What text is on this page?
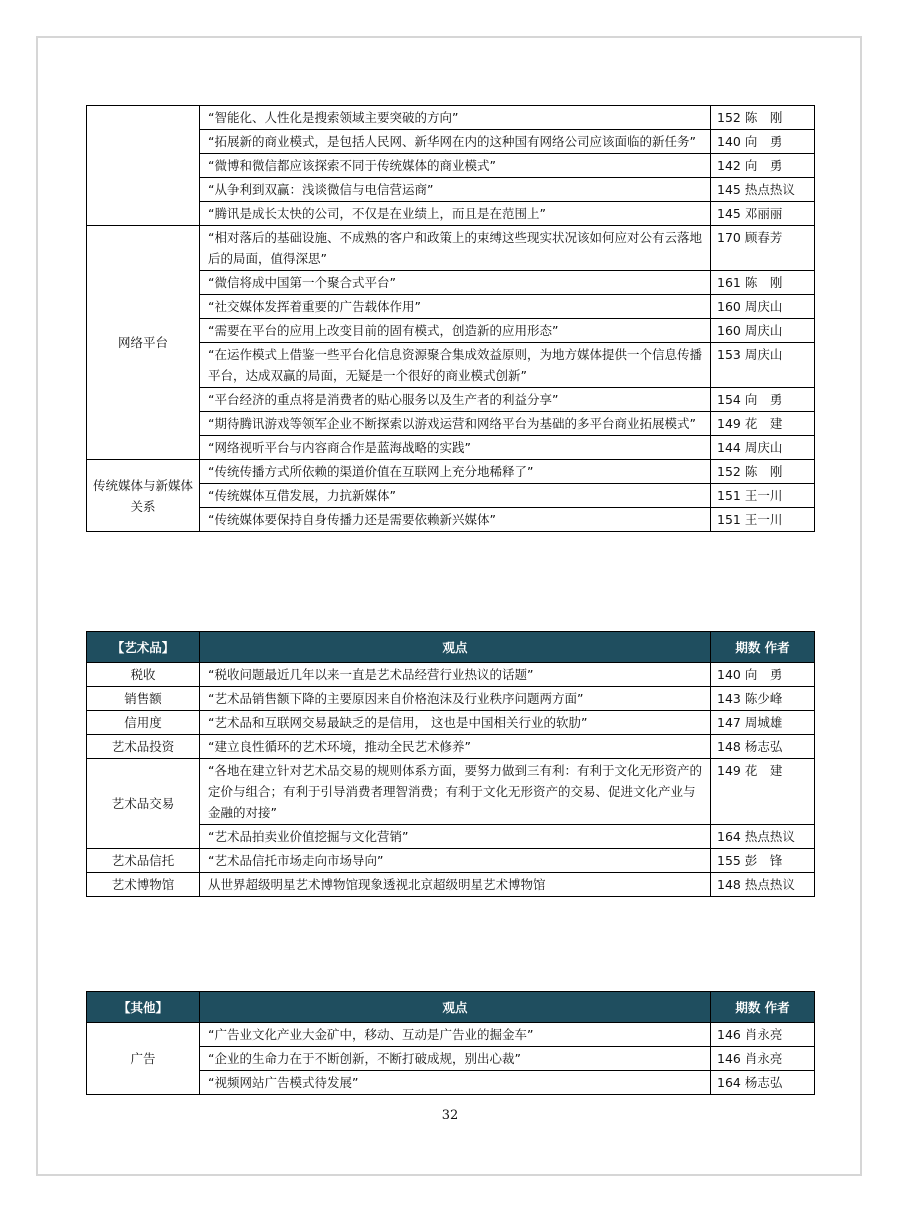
	“智能化、人性化是搜索领域主要突破的方向”	152 陈　刚
	“拓展新的商业模式，是包括人民网、新华网在内的这种国有网络公司应该面临的新任务”	140 向　勇
	“微博和微信都应该探索不同于传统媒体的商业模式”	142 向　勇
	“从争利到双赢：浅谈微信与电信营运商”	145 热点热议
	“腾讯是成长太快的公司，不仅是在业绩上，而且是在范围上”	145 邓丽丽
网络平台	“相对落后的基础设施、不成熟的客户和政策上的束缚这些现实状况该如何应对公有云落地后的局面，值得深思”	170 顾春芳
	“微信将成中国第一个聚合式平台”	161 陈　刚
	“社交媒体发挥着重要的广告载体作用”	160 周庆山
	“需要在平台的应用上改变目前的固有模式，创造新的应用形态”	160 周庆山
	“在运作模式上借鉴一些平台化信息资源聚合集成效益原则，为地方媒体提供一个信息传播平台，达成双赢的局面，无疑是一个很好的商业模式创新”	153 周庆山
	“平台经济的重点将是消费者的贴心服务以及生产者的利益分享”	154 向　勇
	“期待腾讯游戏等领军企业不断探索以游戏运营和网络平台为基础的多平台商业拓展模式”	149 花　建
	“网络视听平台与内容商合作是蓝海战略的实践”	144 周庆山
传统媒体与新媒体关系	“传统传播方式所依赖的渠道价值在互联网上充分地稀释了”	152 陈　刚
	“传统媒体互借发展，力抗新媒体”	151 王一川
	“传统媒体要保持自身传播力还是需要依赖新兴媒体”	151 王一川
【艺术品】	观点	期数 作者
税收	“税收问题最近几年以来一直是艺术品经营行业热议的话题”	140 向　勇
销售额	“艺术品销售额下降的主要原因来自价格泡沫及行业秩序问题两方面”	143 陈少峰
信用度	“艺术品和互联网交易最缺乏的是信用， 这也是中国相关行业的软肋”	147 周城雄
艺术品投资	“建立良性循环的艺术环境，推动全民艺术修养”	148 杨志弘
艺术品交易	“各地在建立针对艺术品交易的规则体系方面，要努力做到三有利：有利于文化无形资产的定价与组合；有利于引导消费者理智消费；有利于文化无形资产的交易、促进文化产业与金融的对接”	149 花　建
	“艺术品拍卖业价值挖掘与文化营销”	164 热点热议
艺术品信托	“艺术品信托市场走向市场导向”	155 彭　锋
艺术博物馆	从世界超级明星艺术博物馆现象透视北京超级明星艺术博物馆	148 热点热议
【其他】	观点	期数 作者
广告	“广告业文化产业大金矿中，移动、互动是广告业的掘金车”	146 肖永亮
	“企业的生命力在于不断创新，不断打破成规，别出心裁”	146 肖永亮
	“视频网站广告模式待发展”	164 杨志弘
32
